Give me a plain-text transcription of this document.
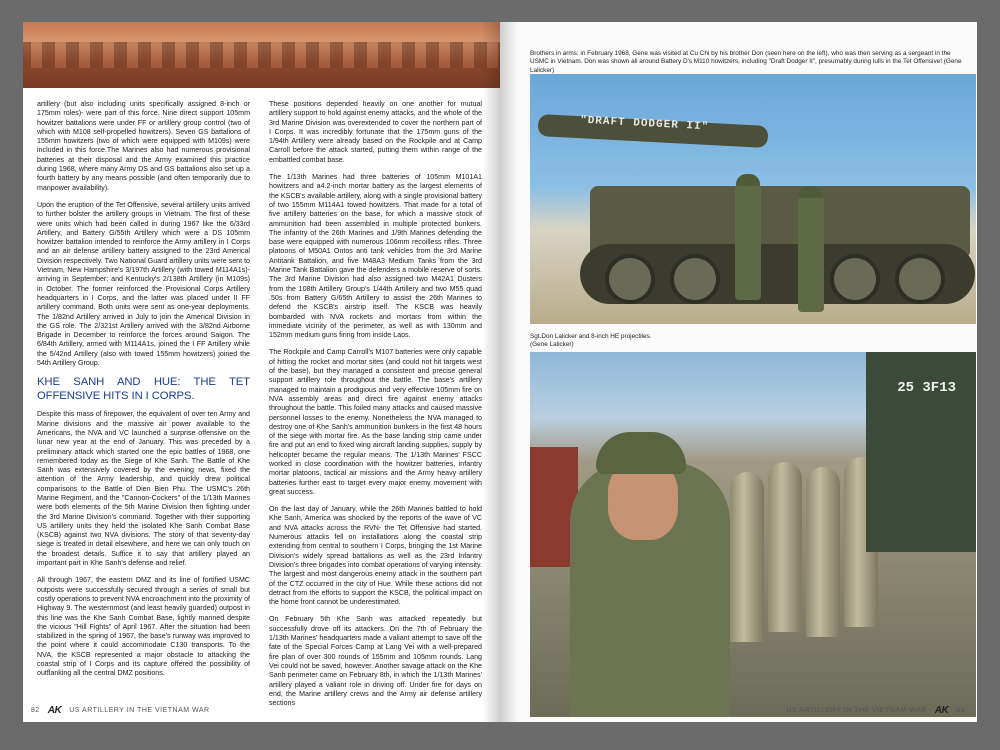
artillery (but also including units specifically assigned 8-inch or 175mm roles)- were part of this force. Nine direct support 105mm howitzer battalions were under FF or artillery group control (two of which with M108 self-propelled howitzers). Seven GS battalions of 155mm howitzers (two of which were equipped with M109s) were included in this force.The Marines also had numerous provisional batteries at their disposal and the Army examined this practice during 1968, where many Army DS and GS battalions also set up a fourth battery by any means possible (and often temporarily due to manpower availability).

Upon the eruption of the Tet Offensive, several artillery units arrived to further bolster the artillery groups in Vietnam. The first of these were units which had been called in during 1967 like the 6/33rd Artillery, and Battery G/55th Artillery which were a DS 105mm howitzer battalion intended to reinforce the Army artillery in I Corps and an air defense artillery battery assigned to the 23rd Americal Division respectively. Two National Guard artillery units were sent to Vietnam, New Hampshire's 3/197th Artillery (with towed M114A1s)- arriving in September; and Kentucky's 2/138th Artillery (in M109s) in October. The former reinforced the Provisional Corps Artillery headquarters in I Corps, and the latter was placed under II FF artillery command. Both units were sent as one-year deployments. The 1/82nd Artillery arrived in July to join the Americal Division in the GS role. The 2/321st Artillery arrived with the 3/82nd Airborne Brigade in December to reinforce the forces around Saigon. The 6/84th Artillery, armed with M114A1s, joined the I FF Artillery while the 5/42nd Artillery (also with towed 155mm howitzers) joined the 54th Artillery Group.

KHE SANH AND HUE: THE TET OFFENSIVE HITS IN I CORPS.

Despite this mass of firepower, the equivalent of over ten Army and Marine divisions and the massive air power available to the Americans, the NVA and VC launched a surprise offensive on the lunar new year at the end of January. This was preceded by a preliminary attack which started one the epic battles of 1968, one remembered today as the Siege of Khe Sanh. The Battle of Khe Sanh was extensively covered by the evening news, fixed the attention of the Army leadership, and quickly drew political comparisons to the Battle of Dien Bien Phu. The USMC's 26th Marine Regiment, and the "Cannon-Cockers" of the 1/13th Marines were both elements of the 5th Marine Division then fighting under the 3rd Marine Division's command. Together with their supporting US artillery units they held the isolated Khe Sanh Combat Base (KSCB) against two NVA divisions. The story of that seventy-day siege is treated in detail elsewhere, and here we can only touch on the broadest details. Suffice it to say that artillery played an important part in Khe Sanh's defense and relief.

All through 1967, the eastern DMZ and its line of fortified USMC outposts were successfully secured through a series of small but costly operations to prevent NVA encroachment into the proximity of Highway 9. The westernmost (and least heavily guarded) outpost in this line was the Khe Sanh Combat Base, lightly manned despite the vicious "Hill Fights" of April 1967. After the situation had been stabilized in the spring of 1967, the base's runway was improved to the point where it could accommodate C130 transports. To the NVA, the KSCB represented a major obstacle to attacking the coastal strip of I Corps and its capture offered the possibility of outflanking all the central DMZ positions.

These positions depended heavily on one another for mutual artillery support to hold against enemy attacks, and the whole of the 3rd Marine Division was overextended to cover the northern part of I Corps. It was incredibly fortunate that the 175mm guns of the 1/94th Artillery were already based on the Rockpile and at Camp Carroll before the attack started, putting them within range of the embattled combat base.

The 1/13th Marines had three batteries of 105mm M101A1 howitzers and a4.2-inch mortar battery as the largest elements of the KSCB's available artillery, along with a single provisional battery of two 155mm M114A1 towed howitzers. That made for a total of five artillery batteries on the base, for which a massive stock of ammunition had been assembled in multiple protected bunkers. The infantry of the 26th Marines and 1/9th Marines defending the base were equipped with numerous 106mm recoilless rifles. Three platoons of M50A1 Ontos anti tank vehicles from the 3rd Marine Antitank Battalion, and five M48A3 Medium Tanks from the 3rd Marine Tank Battalion gave the defenders a mobile reserve of sorts. The 3rd Marine Division had also assigned two M42A1 Dusters from the 108th Artillery Group's 1/44th Artillery and two M55 quad .50s from Battery G/65th Artillery to assist the 26th Marines to defend the KSCB's airstrip itself. The KSCB was heavily bombarded with NVA rockets and mortars from within the immediate vicinity of the perimeter, as well as with 130mm and 152mm medium guns firing from inside Laos.

The Rockpile and Camp Carroll's M107 batteries were only capable of hitting the rocket and mortar sites (and could not hit targets west of the base), but they managed a consistent and precise general support artillery role throughout the battle. The base's artillery managed to maintain a prodigious and very effective 105mm fire on NVA assembly areas and direct fire against enemy attacks throughout the battle. This foiled many attacks and caused massive personnel losses to the enemy. Nonetheless the NVA managed to destroy one of Khe Sanh's ammunition bunkers in the first 48 hours of the siege with mortar fire. As the base landing strip came under fire and put an end to fixed wing aircraft landing supplies, supply by helicopter became the regular means. The 1/13th Marines' FSCC worked in close coordination with the howitzer batteries, infantry mortar platoons, tactical air missions and the Army heavy artillery batteries further east to target every major enemy movement with great success.

On the last day of January, while the 26th Marines battled to hold Khe Sanh, America was shocked by the reports of the wave of VC and NVA attacks across the RVN- the Tet Offensive had started. Numerous attacks fell on installations along the coastal strip extending from central to southern I Corps, bringing the 1st Marine Division's widely spread battalions as well as the 23rd Infantry Division's three brigades into combat operations of varying intensity. The largest and most dangerous enemy attack in the southern part of the CTZ occurred in the city of Hue. While these actions did not detract from the efforts to support the KSCB, the political impact on the home front cannot be underestimated.

On February 5th Khe Sanh was attacked repeatedly but successfully drove off its attackers. On the 7th of February the 1/13th Marines' headquarters made a valiant attempt to save off the fate of the Special Forces Camp at Lang Vei with a well-prepared fire plan of over 300 rounds of 155mm and 105mm rounds. Lang Vei could not be saved, however. Another savage attack on the Khe Sanh perimeter came on February 8th, in which the 1/13th Marines' artillery played a valiant role in driving off. Under fire for days on end, the Marine artillery crews and the Army air defense artillery sections

82 AK US ARTILLERY IN THE VIETNAM WAR
Brothers in arms: in February 1968, Gene was visited at Cu Chi by his brother Don (seen here on the left), who was then serving as a sergeant in the USMC in Vietnam. Don was shown all around Battery D's M110 howitzers, including "Draft Dodger II", presumably during lulls in the Tet Offensive! (Gene Lalicker)
"DRAFT DODGER II"
Sgt.Don Lalicker and 8-inch HE projectiles. (Gene Lalicker)
25 3F13
US ARTILLERY IN THE VIETNAM WAR AK 83
